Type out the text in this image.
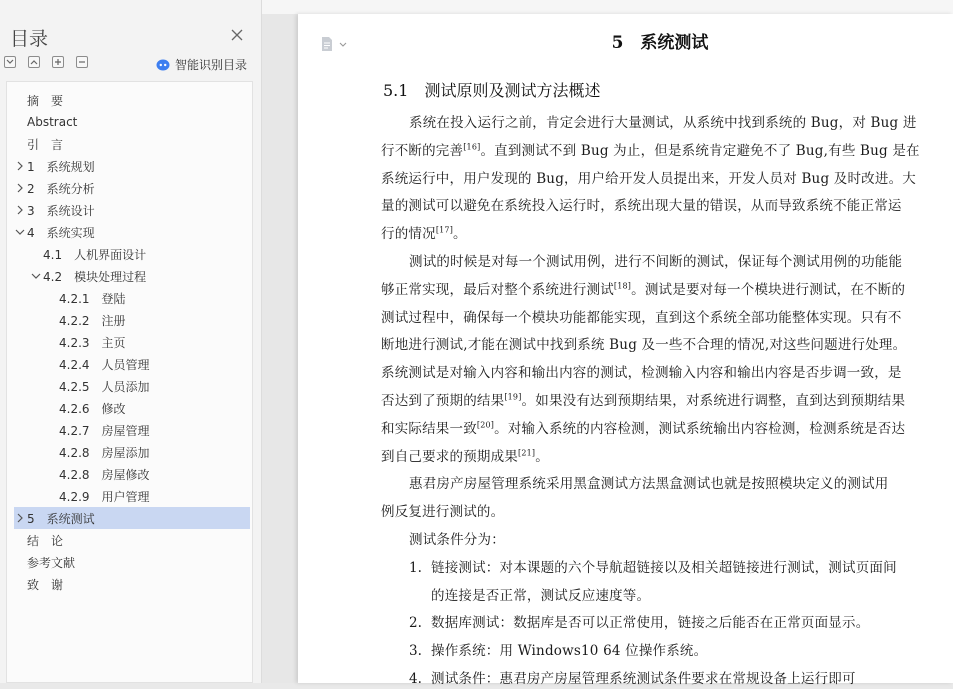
目录
智能识别目录
摘　要
Abstract
引　言
1　系统规划
2　系统分析
3　系统设计
4　系统实现
4.1　人机界面设计
4.2　模块处理过程
4.2.1　登陆
4.2.2　注册
4.2.3　主页
4.2.4　人员管理
4.2.5　人员添加
4.2.6　修改
4.2.7　房屋管理
4.2.8　房屋添加
4.2.8　房屋修改
4.2.9　用户管理
5　系统测试
结　论
参考文献
致　谢
5　系统测试
5.1　测试原则及测试方法概述
系统在投入运行之前，肯定会进行大量测试，从系统中找到系统的 Bug，对 Bug 进
行不断的完善[16]。直到测试不到 Bug 为止，但是系统肯定避免不了 Bug,有些 Bug 是在
系统运行中，用户发现的 Bug，用户给开发人员提出来，开发人员对 Bug 及时改进。大
量的测试可以避免在系统投入运行时，系统出现大量的错误，从而导致系统不能正常运
行的情况[17]。
测试的时候是对每一个测试用例，进行不间断的测试，保证每个测试用例的功能能
够正常实现，最后对整个系统进行测试[18]。测试是要对每一个模块进行测试，在不断的
测试过程中，确保每一个模块功能都能实现，直到这个系统全部功能整体实现。只有不
断地进行测试,才能在测试中找到系统 Bug 及一些不合理的情况,对这些问题进行处理。
系统测试是对输入内容和输出内容的测试，检测输入内容和输出内容是否步调一致，是
否达到了预期的结果[19]。如果没有达到预期结果，对系统进行调整，直到达到预期结果
和实际结果一致[20]。对输入系统的内容检测，测试系统输出内容检测，检测系统是否达
到自己要求的预期成果[21]。
惠君房产房屋管理系统采用黑盒测试方法黑盒测试也就是按照模块定义的测试用
例反复进行测试的。
测试条件分为：
1. 链接测试：对本课题的六个导航超链接以及相关超链接进行测试，测试页面间
的连接是否正常，测试反应速度等。
2. 数据库测试：数据库是否可以正常使用，链接之后能否在正常页面显示。
3. 操作系统：用 Windows10 64 位操作系统。
4. 测试条件：惠君房产房屋管理系统测试条件要求在常规设备上运行即可
